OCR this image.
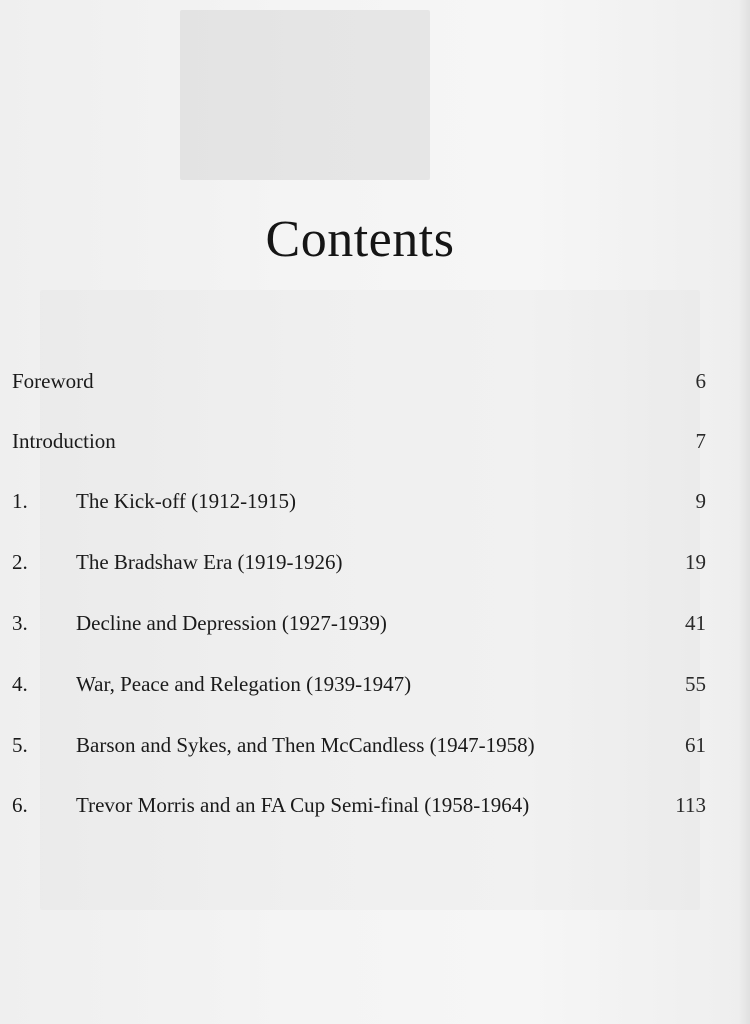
Contents
Foreword	6
Introduction	7
1.	The Kick-off (1912-1915)	9
2.	The Bradshaw Era (1919-1926)	19
3.	Decline and Depression (1927-1939)	41
4.	War, Peace and Relegation (1939-1947)	55
5.	Barson and Sykes, and Then McCandless (1947-1958)	61
6.	Trevor Morris and an FA Cup Semi-final (1958-1964)	113
